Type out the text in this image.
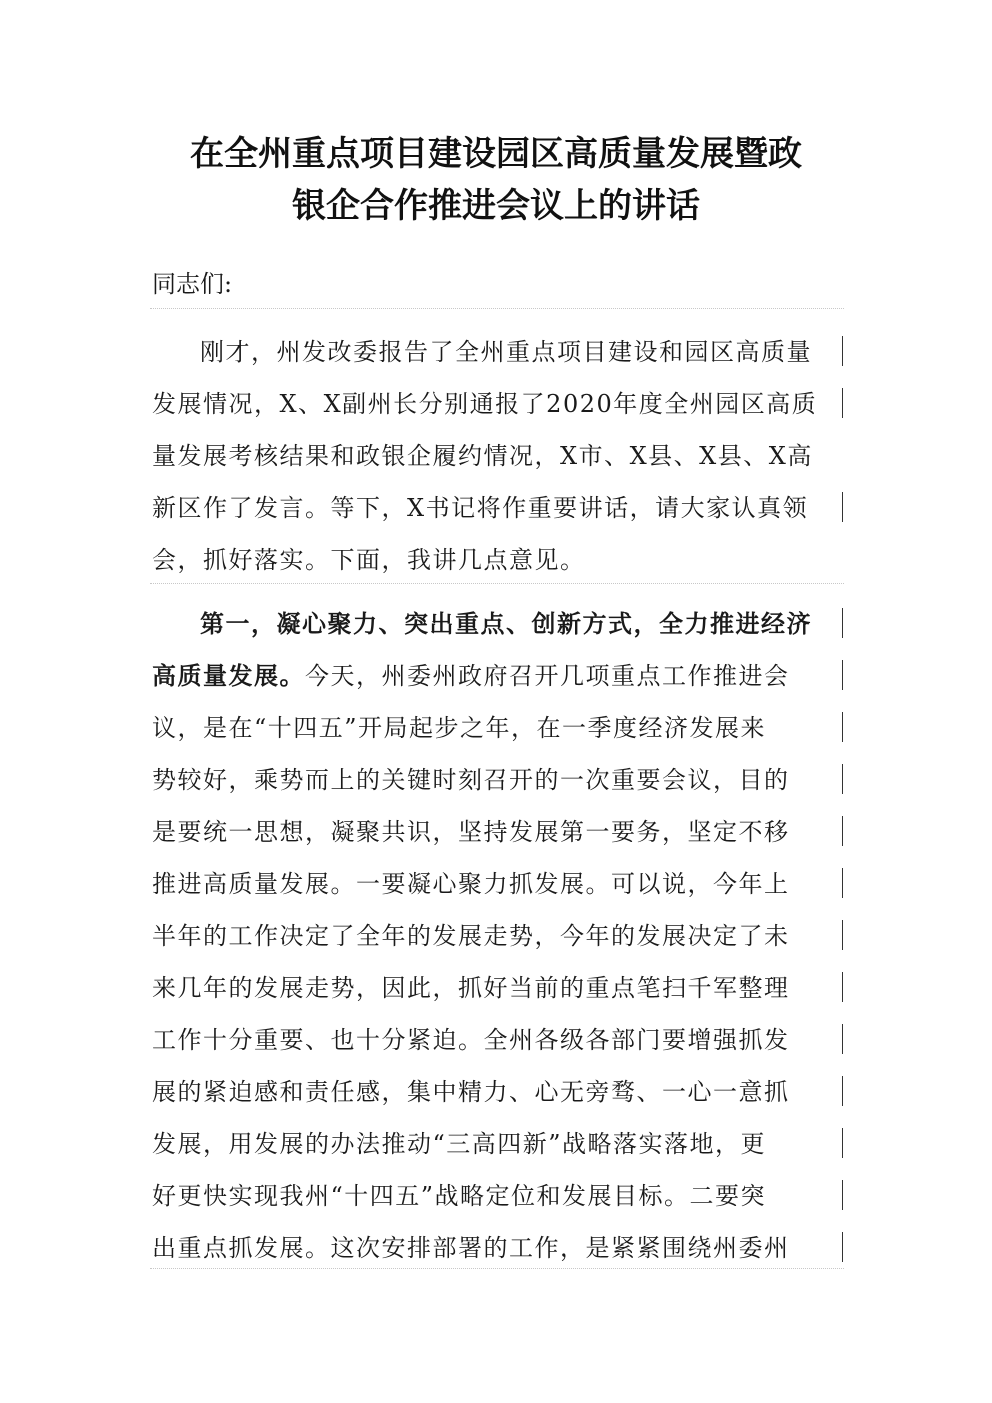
在全州重点项目建设园区高质量发展暨政
银企合作推进会议上的讲话
同志们:
刚才，州发改委报告了全州重点项目建设和园区高质量
发展情况，X、X副州长分别通报了2020年度全州园区高质
量发展考核结果和政银企履约情况，X市、X县、X县、X高
新区作了发言。等下，X书记将作重要讲话，请大家认真领
会，抓好落实。下面，我讲几点意见。
第一，凝心聚力、突出重点、创新方式，全力推进经济
高质量发展。今天，州委州政府召开几项重点工作推进会
议，是在“十四五”开局起步之年，在一季度经济发展来
势较好，乘势而上的关键时刻召开的一次重要会议，目的
是要统一思想，凝聚共识，坚持发展第一要务，坚定不移
推进高质量发展。一要凝心聚力抓发展。可以说，今年上
半年的工作决定了全年的发展走势，今年的发展决定了未
来几年的发展走势，因此，抓好当前的重点笔扫千军整理
工作十分重要、也十分紧迫。全州各级各部门要增强抓发
展的紧迫感和责任感，集中精力、心无旁骛、一心一意抓
发展，用发展的办法推动“三高四新”战略落实落地，更
好更快实现我州“十四五”战略定位和发展目标。二要突
出重点抓发展。这次安排部署的工作，是紧紧围绕州委州
